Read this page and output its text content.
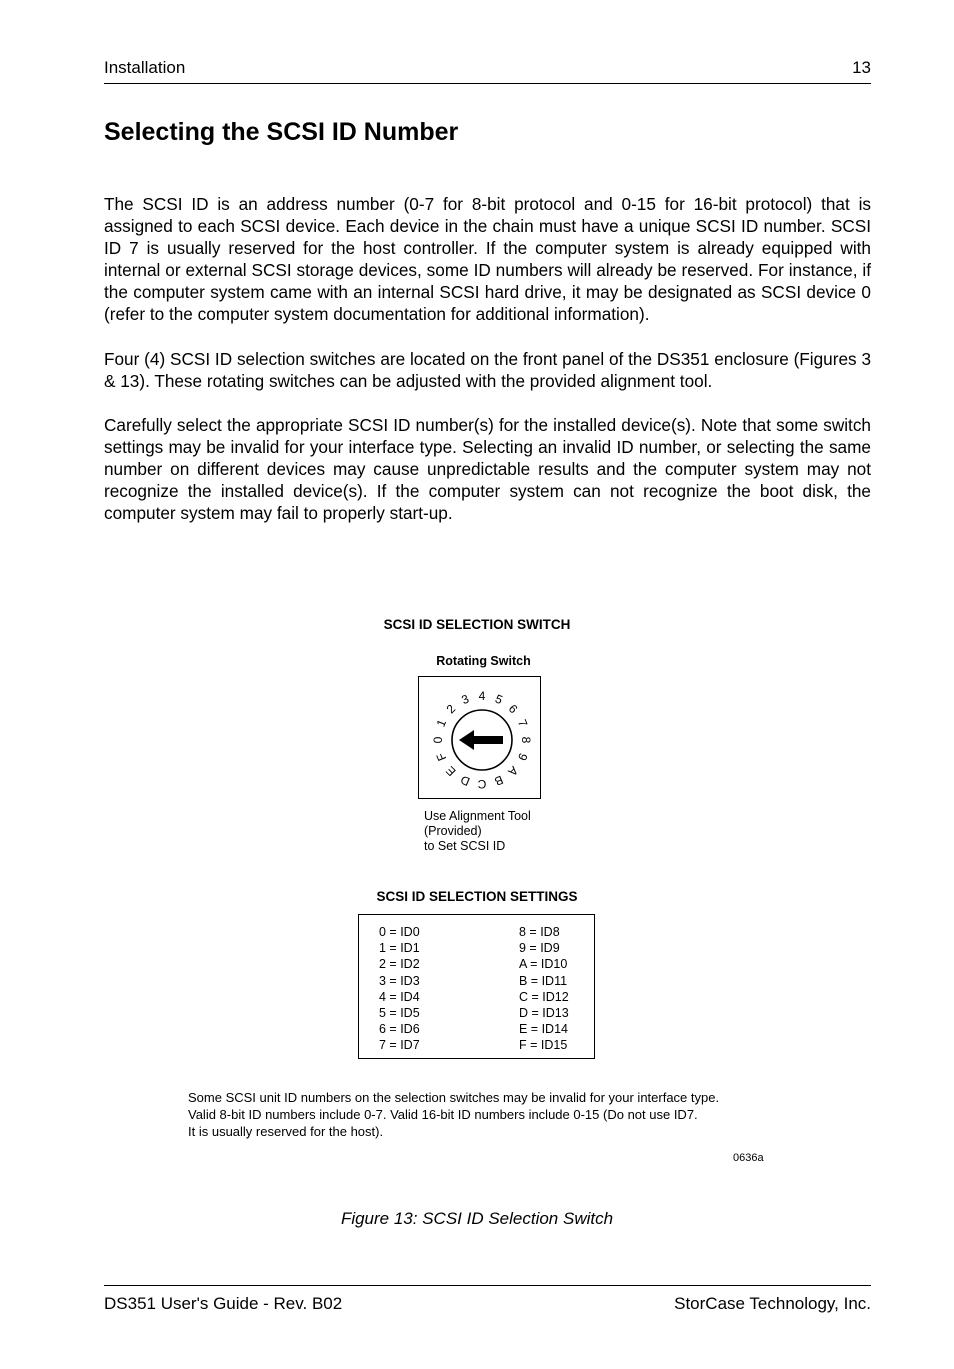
Installation	13
Selecting the SCSI ID Number

The SCSI ID is an address number (0-7 for 8-bit protocol and 0-15 for 16-bit protocol) that is assigned to each SCSI device. Each device in the chain must have a unique SCSI ID number. SCSI ID 7 is usually reserved for the host controller. If the computer system is already equipped with internal or external SCSI storage devices, some ID numbers will already be reserved. For instance, if the computer system came with an internal SCSI hard drive, it may be designated as SCSI device 0 (refer to the computer system documentation for additional information).

Four (4) SCSI ID selection switches are located on the front panel of the DS351 enclosure (Figures 3 & 13). These rotating switches can be adjusted with the provided alignment tool.

Carefully select the appropriate SCSI ID number(s) for the installed device(s). Note that some switch settings may be invalid for your interface type. Selecting an invalid ID number, or selecting the same number on different devices may cause unpredictable results and the computer system may not recognize the installed device(s). If the computer system can not recognize the boot disk, the computer system may fail to properly start-up.

SCSI ID SELECTION SWITCH
Rotating Switch
0
1
2
3 4 5
6
7
8
9
A
B
C
D
E
F
Use Alignment Tool
(Provided)
to Set SCSI ID
SCSI ID SELECTION SETTINGS
0 = ID0
1 = ID1
2 = ID2
3 = ID3
4 = ID4
5 = ID5
6 = ID6
7 = ID7
8 = ID8
9 = ID9
A = ID10
B = ID11
C = ID12
D = ID13
E = ID14
F = ID15
Some SCSI unit ID numbers on the selection switches may be invalid for your interface type.
Valid 8-bit ID numbers include 0-7. Valid 16-bit ID numbers include 0-15 (Do not use ID7.
It is usually reserved for the host).
0636a
Figure 13: SCSI ID Selection Switch
DS351 User's Guide - Rev. B02	StorCase Technology, Inc.
